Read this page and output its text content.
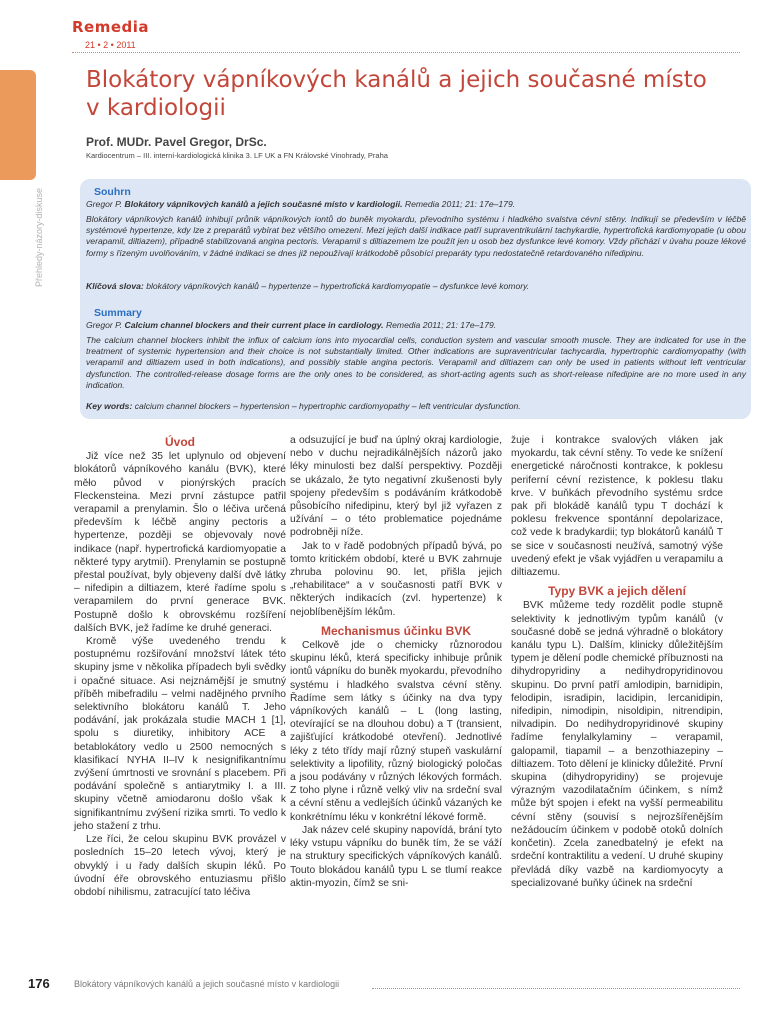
Remedia
21 • 2 • 2011
Přehledy-názory-diskuse
Blokátory vápníkových kanálů a jejich současné místo v kardiologii
Prof. MUDr. Pavel Gregor, DrSc.
Kardiocentrum – III. interní-kardiologická klinika 3. LF UK a FN Královské Vinohrady, Praha
Souhrn
Gregor P. Blokátory vápníkových kanálů a jejich současné místo v kardiologii. Remedia 2011; 21: 17e–179.
Blokátory vápníkových kanálů inhibují průnik vápníkových iontů do buněk myokardu, převodního systému i hladkého svalstva cévní stěny. Indikují se především v léčbě systémové hypertenze, kdy lze z preparátů vybírat bez většího omezení. Mezi jejich další indikace patří supraventrikulární tachykardie, hypertrofická kardiomyopatie (u obou verapamil, diltiazem), případně stabilizovaná angina pectoris. Verapamil s diltiazemem lze použít jen u osob bez dysfunkce levé komory. Vždy přichází v úvahu pouze lékové formy s řízeným uvolňováním, v žádné indikaci se dnes již nepoužívají krátkodobě působící preparáty typu nedostatečně retardovaného nifedipinu.
Klíčová slova: blokátory vápníkových kanálů – hypertenze – hypertrofická kardiomyopatie – dysfunkce levé komory.
Summary
Gregor P. Calcium channel blockers and their current place in cardiology. Remedia 2011; 21: 17e–179.
The calcium channel blockers inhibit the influx of calcium ions into myocardial cells, conduction system and vascular smooth muscle. They are indicated for use in the treatment of systemic hypertension and their choice is not substantially limited. Other indications are supraventricular tachycardia, hypertrophic cardiomyopathy (with verapamil and diltiazem used in both indications), and possibly stable angina pectoris. Verapamil and diltiazem can only be used in patients without left ventricular dysfunction. The controlled-release dosage forms are the only ones to be considered, as short-acting agents such as short-release nifedipine are no more used in any indication.
Key words: calcium channel blockers – hypertension – hypertrophic cardiomyopathy – left ventricular dysfunction.
Úvod

Již více než 35 let uplynulo od objevení blokátorů vápníkového kanálu (BVK), které měło původ v pionýrských pracích Fleckensteina. Mezi první zástupce patřil verapamil a prenylamin. Šlo o léčiva určená především k léčbě anginy pectoris a hypertenze, později se objevovaly nové indikace (např. hypertrofická kardiomyopatie a některé typy arytmií). Prenylamin se postupně přestal používat, byly objeveny další dvě látky – nifedipin a diltiazem, které řadíme spolu s verapamilem do první generace BVK. Postupně došlo k obrovskému rozšíření dalších BVK, jež řadíme ke druhé generaci.

Kromě výše uvedeného trendu k postupnému rozšiřování množství látek této skupiny jsme v několika případech byli svědky i opačné situace. Asi nejznámější je smutný příběh mibefradilu – velmi nadějného prvního selektivního blokátoru kanálů T. Jeho podávání, jak prokázala studie MACH 1 [1], spolu s diuretiky, inhibitory ACE a betablokátory vedlo u 2500 nemocných s klasifikací NYHA II–IV k nesignifikantnímu zvýšení úmrtnosti ve srovnání s placebem. Při podávání společně s antiarytmiky I. a III. skupiny včetně amiodaronu došlo však k signifikantnímu zvýšení rizika smrti. To vedlo k jeho stažení z trhu.

Lze říci, že celou skupinu BVK provázel v posledních 15–20 letech vývoj, který je obvyklý i u řady dalších skupin léků. Po úvodní éře obrovského entuziasmu přišlo období nihilismu, zatracující tato léčiva

a odsuzující je buď na úplný okraj kardiologie, nebo v duchu nejradikálnějších názorů jako léky minulosti bez další perspektivy. Později se ukázalo, že tyto negativní zkušenosti byly spojeny především s podáváním krátkodobě působícího nifedipinu, který byl již vyřazen z užívání – o této problematice pojednáme podrobněji níže.

Jak to v řadě podobných případů bývá, po tomto kritickém období, které u BVK zahrnuje zhruba polovinu 90. let, přišla jejich „rehabilitace“ a v současnosti patří BVK v některých indikacích (zvl. hypertenze) k nejoblíbenějším lékům.

Mechanismus účinku BVK

Celkově jde o chemicky různorodou skupinu léků, která specificky inhibuje průnik iontů vápníku do buněk myokardu, převodního systému i hladkého svalstva cévní stěny. Řadíme sem látky s účinky na dva typy vápníkových kanálů – L (long lasting, otevírající se na dlouhou dobu) a T (transient, zajišťující krátkodobé otevření). Jednotlivé léky z této třídy mají různý stupeň vaskulární selektivity a lipofility, různý biologický poločas a jsou podávány v různých lékových formách. Z toho plyne i různě velký vliv na srdeční sval a cévní stěnu a vedlejších účinků vázaných ke konkrétnímu léku v konkrétní lékové formě.

Jak název celé skupiny napovídá, brání tyto léky vstupu vápníku do buněk tím, že se váží na struktury specifických vápníkových kanálů. Touto blokádou kanálů typu L se tlumí reakce aktin-myozin, čímž se sni-

žuje i kontrakce svalových vláken jak myokardu, tak cévní stěny. To vede ke snížení energetické náročnosti kontrakce, k poklesu periferní cévní rezistence, k poklesu tlaku krve. V buňkách převodního systému srdce pak při blokádě kanálů typu T dochází k poklesu frekvence spontánní depolarizace, což vede k bradykardii; typ blokátorů kanálů T se sice v současnosti neužívá, samotný výše uvedený efekt je však vyjádřen u verapamilu a diltiazemu.

Typy BVK a jejich dělení

BVK můžeme tedy rozdělit podle stupně selektivity k jednotlivým typům kanálů (v současné době se jedná výhradně o blokátory kanálu typu L). Dalším, klinicky důležitějším typem je dělení podle chemické příbuznosti na dihydropyridiny a nedihydropyridinovou skupinu. Do první patří amlodipin, barnidipin, felodipin, isradipin, lacidipin, lercanidipin, nifedipin, nimodipin, nisoldipin, nitrendipin, nilvadipin. Do nedihydropyridinové skupiny řadíme fenylalkylaminy – verapamil, galopamil, tiapamil – a benzothiazepiny – diltiazem. Toto dělení je klinicky důležité. První skupina (dihydropyridiny) se projevuje výrazným vazodilatačním účinkem, s nímž může být spojen i efekt na vyšší permeabilitu cévní stěny (souvisí s nejrozšířenějším nežádoucím účinkem v podobě otoků dolních končetin). Zcela zanedbatelný je efekt na srdeční kontraktilitu a vedení. U druhé skupiny převládá díky vazbě na kardiomyocyty a specializované buňky účinek na srdeční

176	Blokátory vápníkových kanálů a jejich současné místo v kardiologii
